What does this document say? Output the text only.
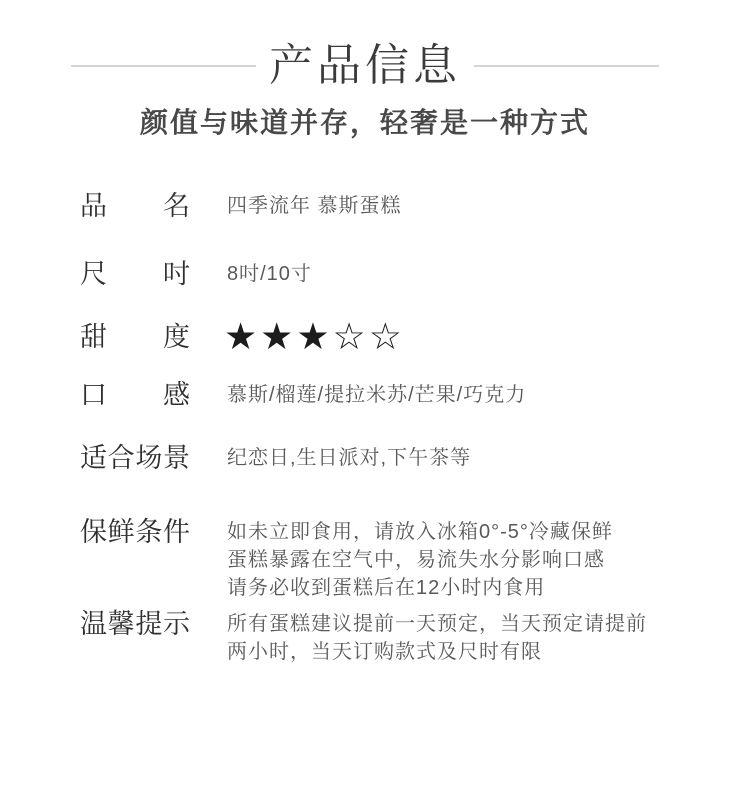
产品信息
颜值与味道并存，轻奢是一种方式
品 名 四季流年 慕斯蛋糕
尺 吋 8吋/10寸
甜 度 ★ ★ ★ ☆ ☆
口 感 慕斯/榴莲/提拉米苏/芒果/巧克力
适 合 场 景 纪恋日,生日派对,下午茶等
保 鲜 条 件 如未立即食用，请放入冰箱0°-5°冷藏保鲜
蛋糕暴露在空气中，易流失水分影响口感
请务必收到蛋糕后在12小时内食用
温 馨 提 示 所有蛋糕建议提前一天预定，当天预定请提前
两小时，当天订购款式及尺时有限
